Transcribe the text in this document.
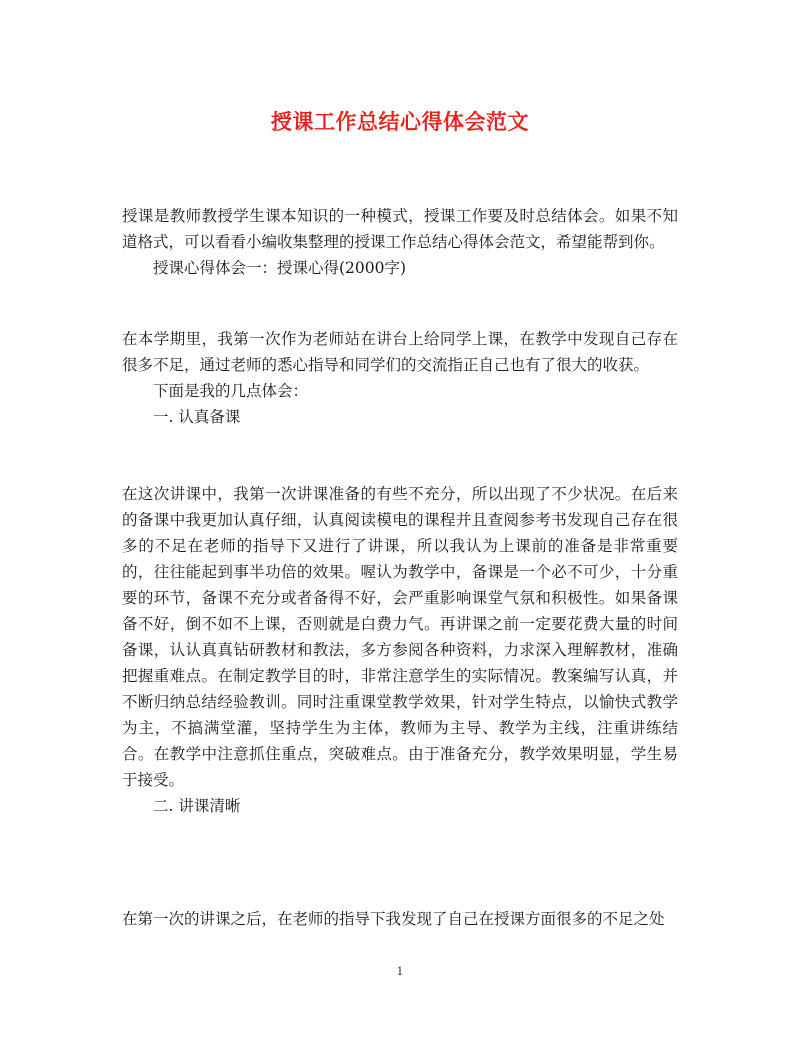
授课工作总结心得体会范文

授课是教师教授学生课本知识的一种模式，授课工作要及时总结体会。如果不知道格式，可以看看小编收集整理的授课工作总结心得体会范文，希望能帮到你。

授课心得体会一：授课心得(2000字)

在本学期里，我第一次作为老师站在讲台上给同学上课，在教学中发现自己存在很多不足，通过老师的悉心指导和同学们的交流指正自己也有了很大的收获。

下面是我的几点体会：

一. 认真备课

在这次讲课中，我第一次讲课准备的有些不充分，所以出现了不少状况。在后来的备课中我更加认真仔细，认真阅读模电的课程并且查阅参考书发现自己存在很多的不足在老师的指导下又进行了讲课，所以我认为上课前的准备是非常重要的，往往能起到事半功倍的效果。喔认为教学中，备课是一个必不可少，十分重要的环节，备课不充分或者备得不好，会严重影响课堂气氛和积极性。如果备课备不好，倒不如不上课，否则就是白费力气。再讲课之前一定要花费大量的时间备课，认认真真钻研教材和教法，多方参阅各种资料，力求深入理解教材，准确把握重难点。在制定教学目的时，非常注意学生的实际情况。教案编写认真，并不断归纳总结经验教训。同时注重课堂教学效果，针对学生特点，以愉快式教学为主，不搞满堂灌，坚持学生为主体，教师为主导、教学为主线，注重讲练结合。在教学中注意抓住重点，突破难点。由于准备充分，教学效果明显，学生易于接受。

二. 讲课清晰

在第一次的讲课之后，在老师的指导下我发现了自己在授课方面很多的不足之处

1
